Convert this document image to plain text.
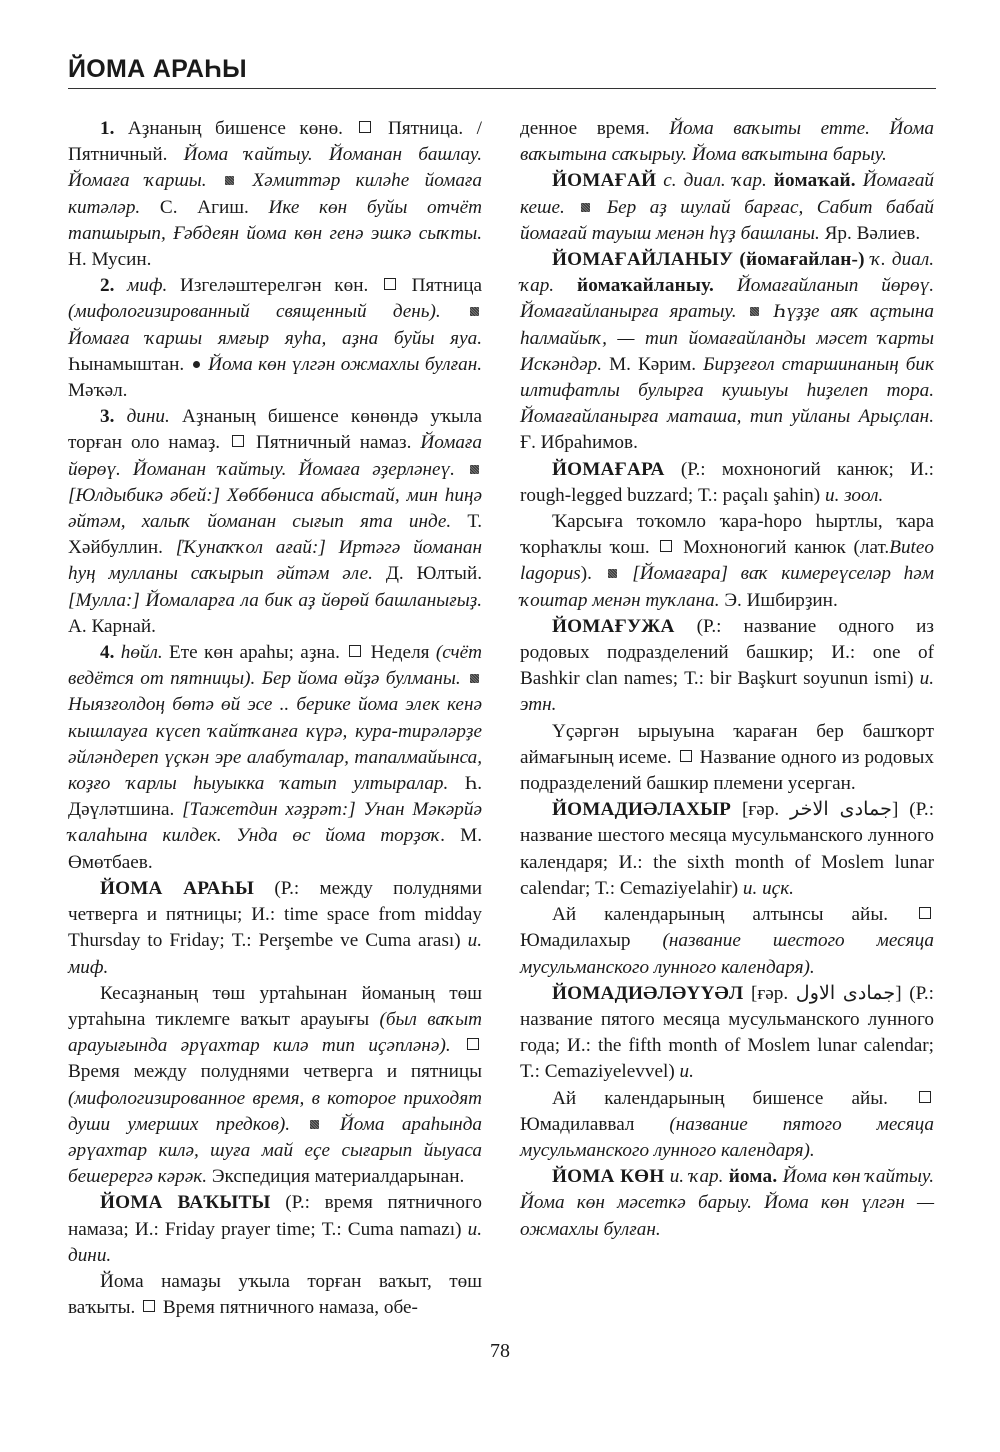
ЙОМА АРАҺЫ

1. Аҙнаның бишенсе көнө. Пятница. / Пятничный. Йома ҡайтыу. Йоманан башлау. Йомаға ҡаршы. Хәмиттәр киләһе йомаға китәләр. С. Агиш. Ике көн буйы отчёт тапшырып, Ғәбдеян йома көн генә эшкә сыҡты. Н. Мусин.

2. миф. Изгеләштерелгән көн. Пятница (мифологизированный священный день).  Йомаға ҡаршы ямғыр яуһа, аҙна буйы яуа. Һынамыштан. Йома көн үлгән ожмахлы булған. Мәҡәл.

3. дини. Аҙнаның бишенсе көнөндә уҡыла торған оло намаҙ. Пятничный намаз. Йомаға йөрөү. Йоманан ҡайтыу. Йомаға әҙерләнеү.  [Юлдыбикә әбей:] Хөббөниса абыстай, мин һиңә әйтәм, халыҡ йоманан сығып ята инде. Т. Хәйбуллин. [Ҡунаҡҡол ағай:] Иртәгә йоманан һуң мулланы саҡырып әйтәм әле. Д. Юлтый. [Мулла:] Йомаларға ла бик аҙ йөрөй башланығыҙ. А. Карнай.

4. һөйл. Ете көн араһы; аҙна. Неделя (счёт ведётся от пятницы). Бер йома өйҙә булманы.  Ныязғолдоң бөтә өй эсе .. берике йома элек кенә кышлауға күсеп ҡайтҡанға күрә, кура-тирәләрҙе әйләндереп үҫкән эре алабуталар, тапалмайынса, коҙғо ҡарлы һыуыкка ҡатып ултыралар. Һ. Дәүләтшина. [Тажетдин хәҙрәт:] Унан Мәкәрйә ҡалаһына килдек. Унда өс йома торҙоҡ. М. Өмөтбаев.

ЙОМА АРАҺЫ (Р.: между полуднями четверга и пятницы; И.: time space from midday Thursday to Friday; Т.: Perşembe ve Cuma arası) и. миф.

Кесаҙнаның төш уртаһынан йоманың төш уртаһына тиклемге ваҡыт арауығы (был ваҡыт арауығында әрүахтар килә тип иҫәпләнә).  Время между полуднями четверга и пятницы (мифологизированное время, в которое приходят души умерших предков).	Йома араһында әрүахтар килә, шуға май еҫе сығарып йыуаса бешерергә кәрәк. Экспедиция материалдарынан.

ЙОМА ВАҠЫТЫ (Р.: время пятничного намаза; И.: Friday prayer time; Т.: Cuma namazı) и. дини.

Йома намаҙы уҡыла торған ваҡыт, төш ваҡыты. Время пятничного намаза, обе-

денное время. Йома ваҡыты етте. Йома ваҡытына саҡырыу. Йома ваҡытына барыу.

ЙОМАҒАЙ с. диал. ҡар. йомаҡай. Йомағай кеше. Бер аҙ шулай барғас, Сабит бабай йомағай тауыш менән һүҙ башланы. Яр. Вәлиев.

ЙОМАҒАЙЛАНЫУ (йомағайлан-) ҡ. диал. ҡар. йомаҡайланыу. Йомағайланып йөрөү. Йомағайланырға яратыу. Һүҙҙе аяҡ аҫтына һалмайыҡ, — тип йомағайланды мәсет ҡарты Искәндәр. М. Кәрим. Бирҙеғол старшинаның бик илтифатлы булырға кушыуы һиҙелеп тора. Йомағайланырға маташа, тип уйланы Арыҫлан. Ғ. Ибраһимов.

ЙОМАҒАРА (Р.: мохноногий канюк; И.: rough-legged buzzard; Т.: paçalı şahin) и. зоол.

Ҡарсыға тоҡомло ҡара-һоро һыртлы, ҡара ҡорһаҡлы ҡош. Мохноногий канюк (лат.Buteo lagopus). [Йомағара] ваҡ кимереүселәр һәм ҡоштар менән туҡлана. Э. Ишбирҙин.

ЙОМАҒУЖА (Р.: название одного из родовых подразделений башкир; И.: one of Bashkir clan names; Т.: bir Başkurt soyunun ismi) и. этн.

Үҫәргән ырыуына ҡараған бер башҡорт аймағының исеме. Название одного из родовых подразделений башкир племени усерган.

ЙОМАДИӘЛАХЫР [ғәр. جمادى الاخر] (Р.: название шестого месяца мусульманского лунного календаря; И.: the sixth month of Moslem lunar calendar; Т.: Cemaziyelahir) и. иҫк.

Ай календарының алтынсы айы.  Юмадилахыр (название шестого месяца мусульманского лунного календаря).

ЙОМАДИӘЛӘҮҮӘЛ [ғәр. جمادى الاول] (Р.: название пятого месяца мусульманского лунного года; И.: the fifth month of Moslem lunar calendar; Т.: Cemaziyelevvel) и.

Ай календарының бишенсе айы.  Юмадилаввал (название пятого месяца мусульманского лунного календаря).

ЙОМА КӨН и. ҡар. йома. Йома көн ҡайтыу. Йома көн мәсеткә барыу. Йома көн үлгән — ожмахлы булған.

78
